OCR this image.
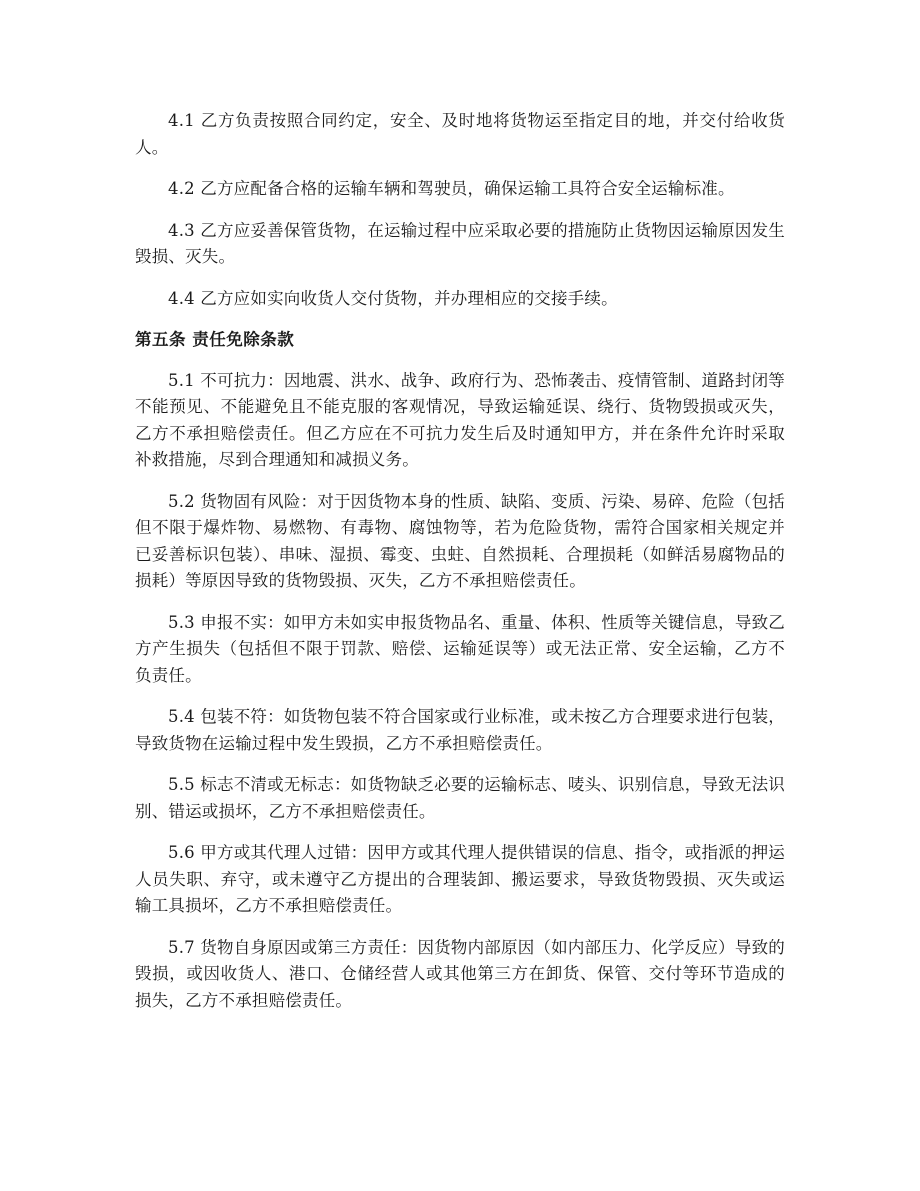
4.1 乙方负责按照合同约定，安全、及时地将货物运至指定目的地，并交付给收货人。

4.2 乙方应配备合格的运输车辆和驾驶员，确保运输工具符合安全运输标准。

4.3 乙方应妥善保管货物，在运输过程中应采取必要的措施防止货物因运输原因发生毁损、灭失。

4.4 乙方应如实向收货人交付货物，并办理相应的交接手续。

第五条 责任免除条款

5.1 不可抗力：因地震、洪水、战争、政府行为、恐怖袭击、疫情管制、道路封闭等不能预见、不能避免且不能克服的客观情况，导致运输延误、绕行、货物毁损或灭失，乙方不承担赔偿责任。但乙方应在不可抗力发生后及时通知甲方，并在条件允许时采取补救措施，尽到合理通知和减损义务。

5.2 货物固有风险：对于因货物本身的性质、缺陷、变质、污染、易碎、危险（包括但不限于爆炸物、易燃物、有毒物、腐蚀物等，若为危险货物，需符合国家相关规定并已妥善标识包装）、串味、湿损、霉变、虫蛀、自然损耗、合理损耗（如鲜活易腐物品的损耗）等原因导致的货物毁损、灭失，乙方不承担赔偿责任。

5.3 申报不实：如甲方未如实申报货物品名、重量、体积、性质等关键信息，导致乙方产生损失（包括但不限于罚款、赔偿、运输延误等）或无法正常、安全运输，乙方不负责任。

5.4 包装不符：如货物包装不符合国家或行业标准，或未按乙方合理要求进行包装，导致货物在运输过程中发生毁损，乙方不承担赔偿责任。

5.5 标志不清或无标志：如货物缺乏必要的运输标志、唛头、识别信息，导致无法识别、错运或损坏，乙方不承担赔偿责任。

5.6 甲方或其代理人过错：因甲方或其代理人提供错误的信息、指令，或指派的押运人员失职、弃守，或未遵守乙方提出的合理装卸、搬运要求，导致货物毁损、灭失或运输工具损坏，乙方不承担赔偿责任。

5.7 货物自身原因或第三方责任：因货物内部原因（如内部压力、化学反应）导致的毁损，或因收货人、港口、仓储经营人或其他第三方在卸货、保管、交付等环节造成的损失，乙方不承担赔偿责任。
